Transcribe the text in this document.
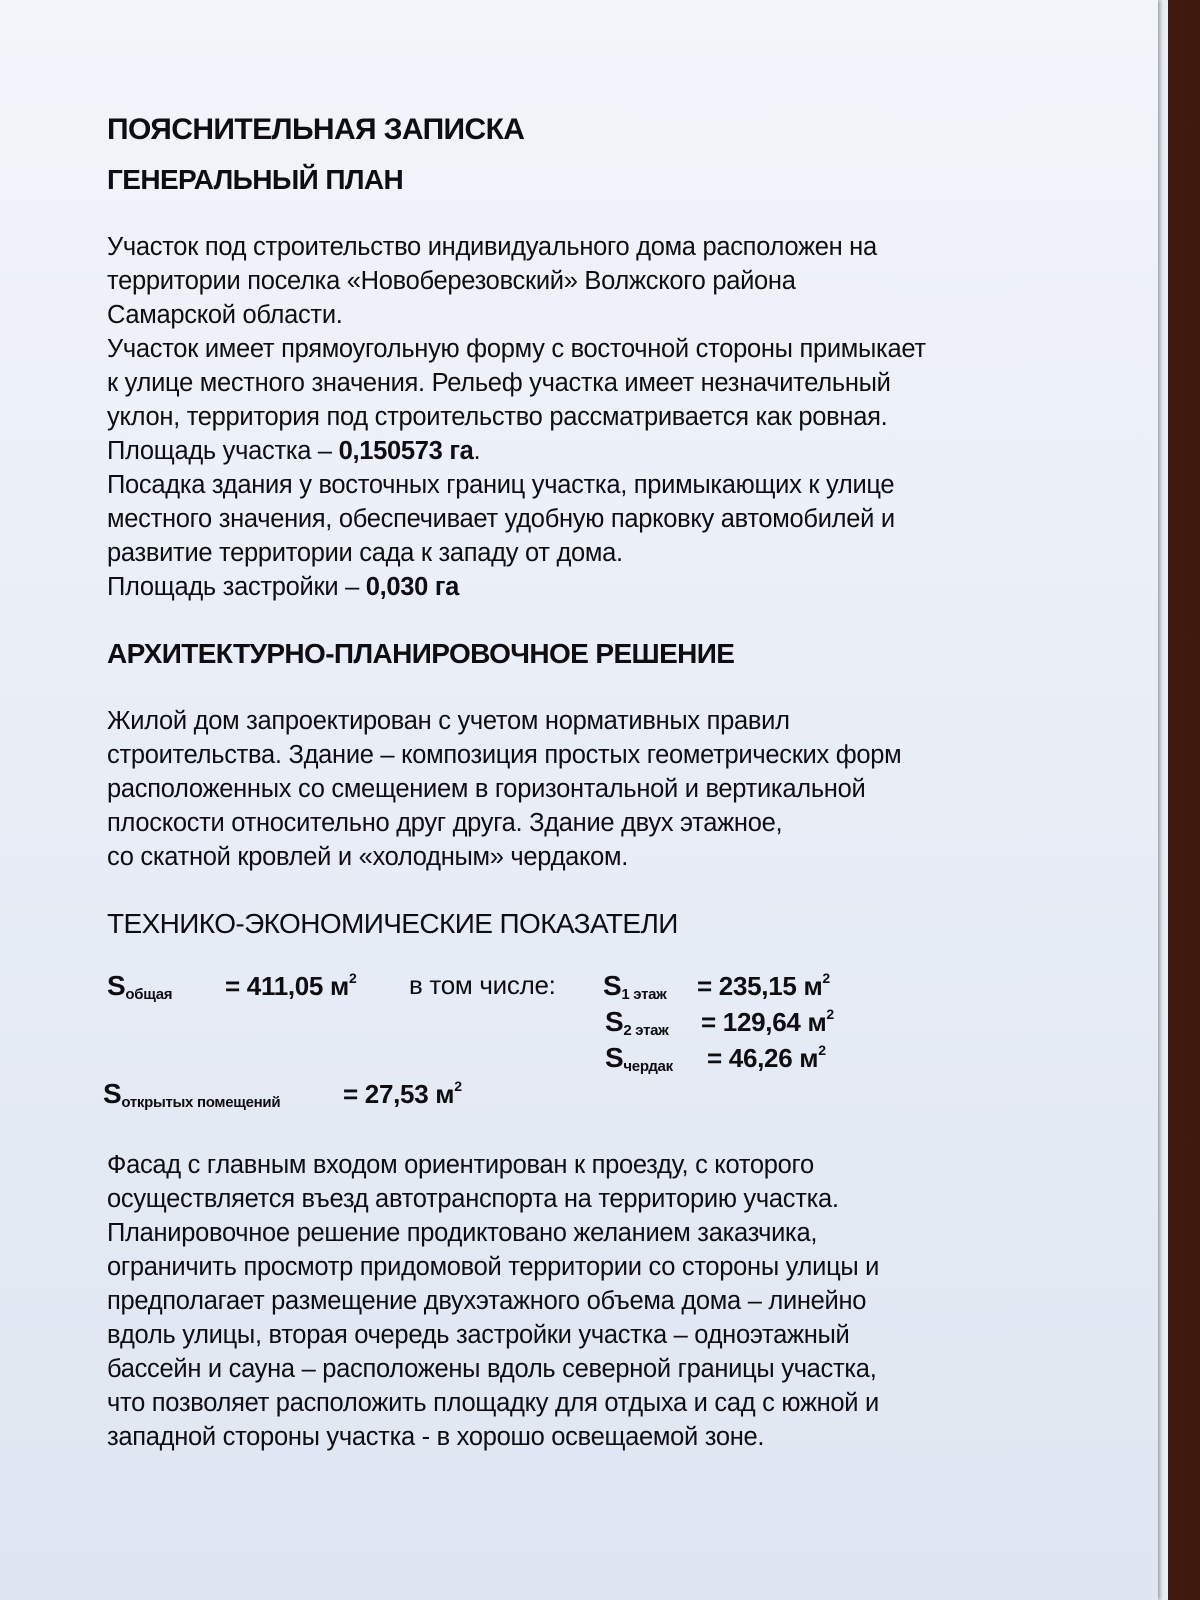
ПОЯСНИТЕЛЬНАЯ ЗАПИСКА
ГЕНЕРАЛЬНЫЙ ПЛАН

Участок под строительство индивидуального дома расположен на
территории поселка «Новоберезовский» Волжского района
Самарской области.
Участок имеет прямоугольную форму с восточной стороны примыкает
к улице местного значения. Рельеф участка имеет незначительный
уклон, территория под строительство рассматривается как ровная.
Площадь участка – 0,150573 га.
Посадка здания у восточных границ участка, примыкающих к улице
местного значения, обеспечивает удобную парковку автомобилей и
развитие территории сада к западу от дома.
Площадь застройки – 0,030 га

АРХИТЕКТУРНО-ПЛАНИРОВОЧНОЕ РЕШЕНИЕ

Жилой дом запроектирован с учетом нормативных правил
строительства. Здание – композиция простых геометрических форм
расположенных со смещением в горизонтальной и вертикальной
плоскости относительно друг друга. Здание двух этажное,
со скатной кровлей и «холодным» чердаком.

ТЕХНИКО-ЭКОНОМИЧЕСКИЕ ПОКАЗАТЕЛИ
$S_{общая} = 411,05$ $м^2$ в том числе: $S_{1 этаж} = 235,15$ $м^2$
$S_{2 этаж} = 129,64$ $м^2$
$S_{чердак} = 46,26$ $м^2$
$S_{открытых помещений} = 27,53$ $м^2$

Фасад с главным входом ориентирован к проезду, с которого
осуществляется въезд автотранспорта на территорию участка.
Планировочное решение продиктовано желанием заказчика,
ограничить просмотр придомовой территории со стороны улицы и
предполагает размещение двухэтажного объема дома – линейно
вдоль улицы, вторая очередь застройки участка – одноэтажный
бассейн и сауна – расположены вдоль северной границы участка,
что позволяет расположить площадку для отдыха и сад с южной и
западной стороны участка - в хорошо освещаемой зоне.
